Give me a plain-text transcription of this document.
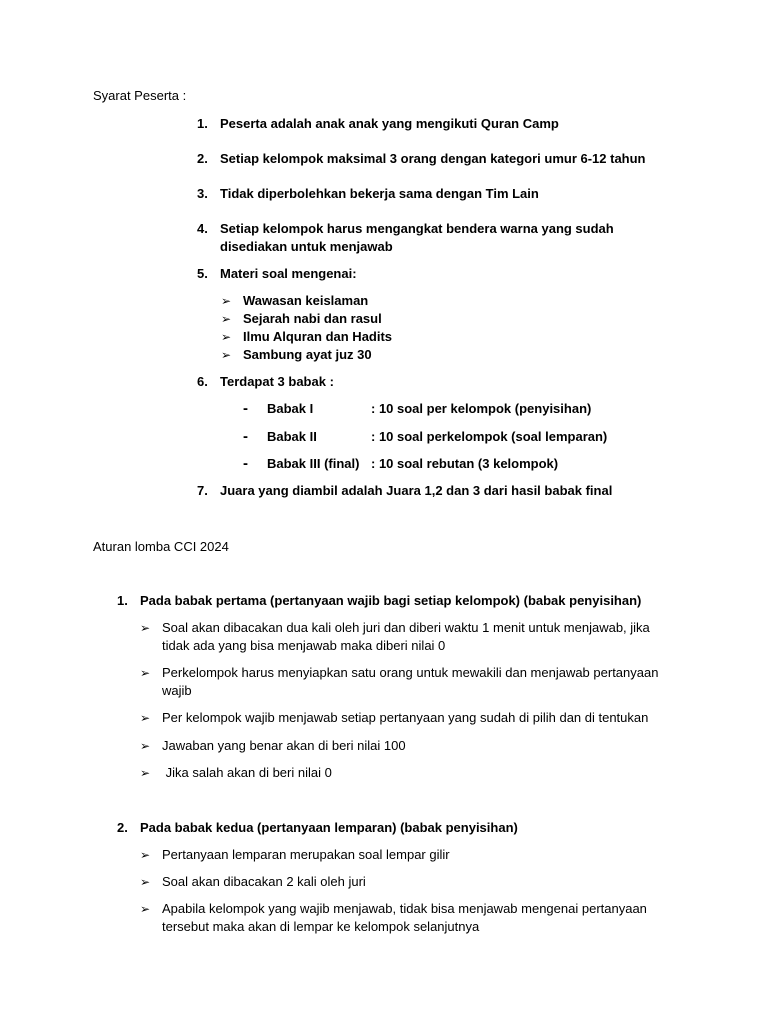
Syarat Peserta :
1. Peserta adalah anak anak yang mengikuti Quran Camp
2. Setiap kelompok maksimal 3 orang dengan kategori umur 6-12 tahun
3. Tidak diperbolehkan bekerja sama dengan Tim Lain
4. Setiap kelompok harus mengangkat bendera warna yang sudah disediakan untuk menjawab
5. Materi soal mengenai:
➢ Wawasan keislaman
➢ Sejarah nabi dan rasul
➢ Ilmu Alquran dan Hadits
➢ Sambung ayat juz 30
6. Terdapat 3 babak :
-	Babak I	: 10 soal per kelompok (penyisihan)
-	Babak II	: 10 soal perkelompok (soal lemparan)
-	Babak III (final) : 10 soal rebutan (3 kelompok)
7. Juara yang diambil adalah Juara 1,2 dan 3 dari hasil babak final
Aturan lomba CCI 2024
1. Pada babak pertama (pertanyaan wajib bagi setiap kelompok) (babak penyisihan)
➢ Soal akan dibacakan dua kali oleh juri dan diberi waktu 1 menit untuk menjawab, jika tidak ada yang bisa menjawab maka diberi nilai 0
➢ Perkelompok harus menyiapkan satu orang untuk mewakili dan menjawab pertanyaan wajib
➢ Per kelompok wajib menjawab setiap pertanyaan yang sudah di pilih dan di tentukan
➢ Jawaban yang benar akan di beri nilai 100
➢ Jika salah akan di beri nilai 0
2. Pada babak kedua (pertanyaan lemparan) (babak penyisihan)
➢ Pertanyaan lemparan merupakan soal lempar gilir
➢ Soal akan dibacakan 2 kali oleh juri
➢ Apabila kelompok yang wajib menjawab, tidak bisa menjawab mengenai pertanyaan tersebut maka akan di lempar ke kelompok selanjutnya
